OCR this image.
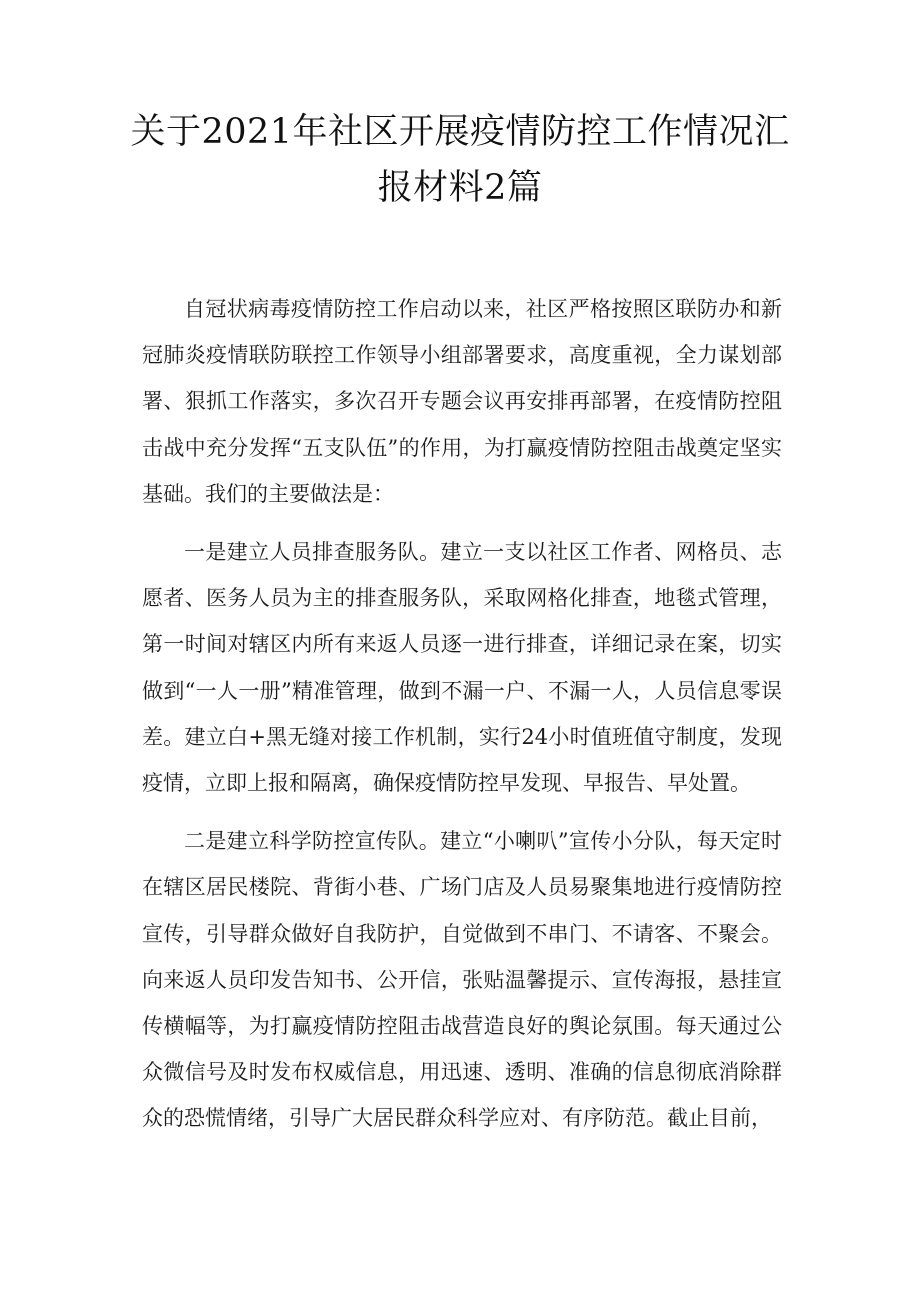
关于2021年社区开展疫情防控工作情况汇报材料2篇

自冠状病毒疫情防控工作启动以来，社区严格按照区联防办和新冠肺炎疫情联防联控工作领导小组部署要求，高度重视，全力谋划部署、狠抓工作落实，多次召开专题会议再安排再部署，在疫情防控阻击战中充分发挥“五支队伍”的作用，为打赢疫情防控阻击战奠定坚实基础。我们的主要做法是：

一是建立人员排查服务队。建立一支以社区工作者、网格员、志愿者、医务人员为主的排查服务队，采取网格化排查，地毯式管理，第一时间对辖区内所有来返人员逐一进行排查，详细记录在案，切实做到“一人一册”精准管理，做到不漏一户、不漏一人，人员信息零误差。建立白+黑无缝对接工作机制，实行24小时值班值守制度，发现疫情，立即上报和隔离，确保疫情防控早发现、早报告、早处置。

二是建立科学防控宣传队。建立“小喇叭”宣传小分队，每天定时在辖区居民楼院、背街小巷、广场门店及人员易聚集地进行疫情防控宣传，引导群众做好自我防护，自觉做到不串门、不请客、不聚会。向来返人员印发告知书、公开信，张贴温馨提示、宣传海报，悬挂宣传横幅等，为打赢疫情防控阻击战营造良好的舆论氛围。每天通过公众微信号及时发布权威信息，用迅速、透明、准确的信息彻底消除群众的恐慌情绪，引导广大居民群众科学应对、有序防范。截止目前，
